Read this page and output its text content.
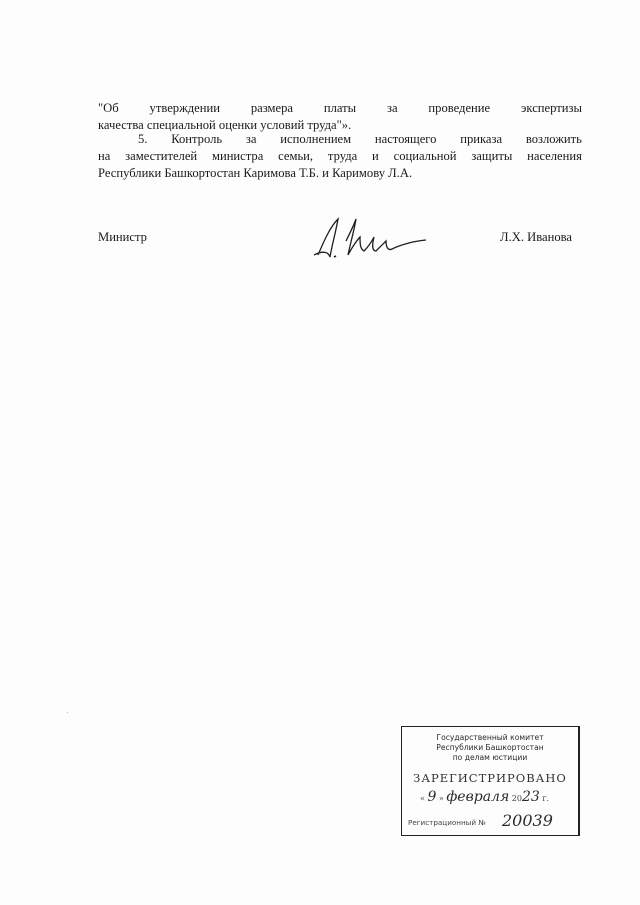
"Об утверждении размера платы за проведение экспертизы
качества специальной оценки условий труда"».
5. Контроль за исполнением настоящего приказа возложить
на заместителей министра семьи, труда и социальной защиты населения
Республики Башкортостан Каримова Т.Б. и Каримову Л.А.
Министр	Л.Х. Иванова
Государственный комитет
Республики Башкортостан
по делам юстиции
ЗАРЕГИСТРИРОВАНО
« 9 » февраля 2023 г.
Регистрационный № 20039
